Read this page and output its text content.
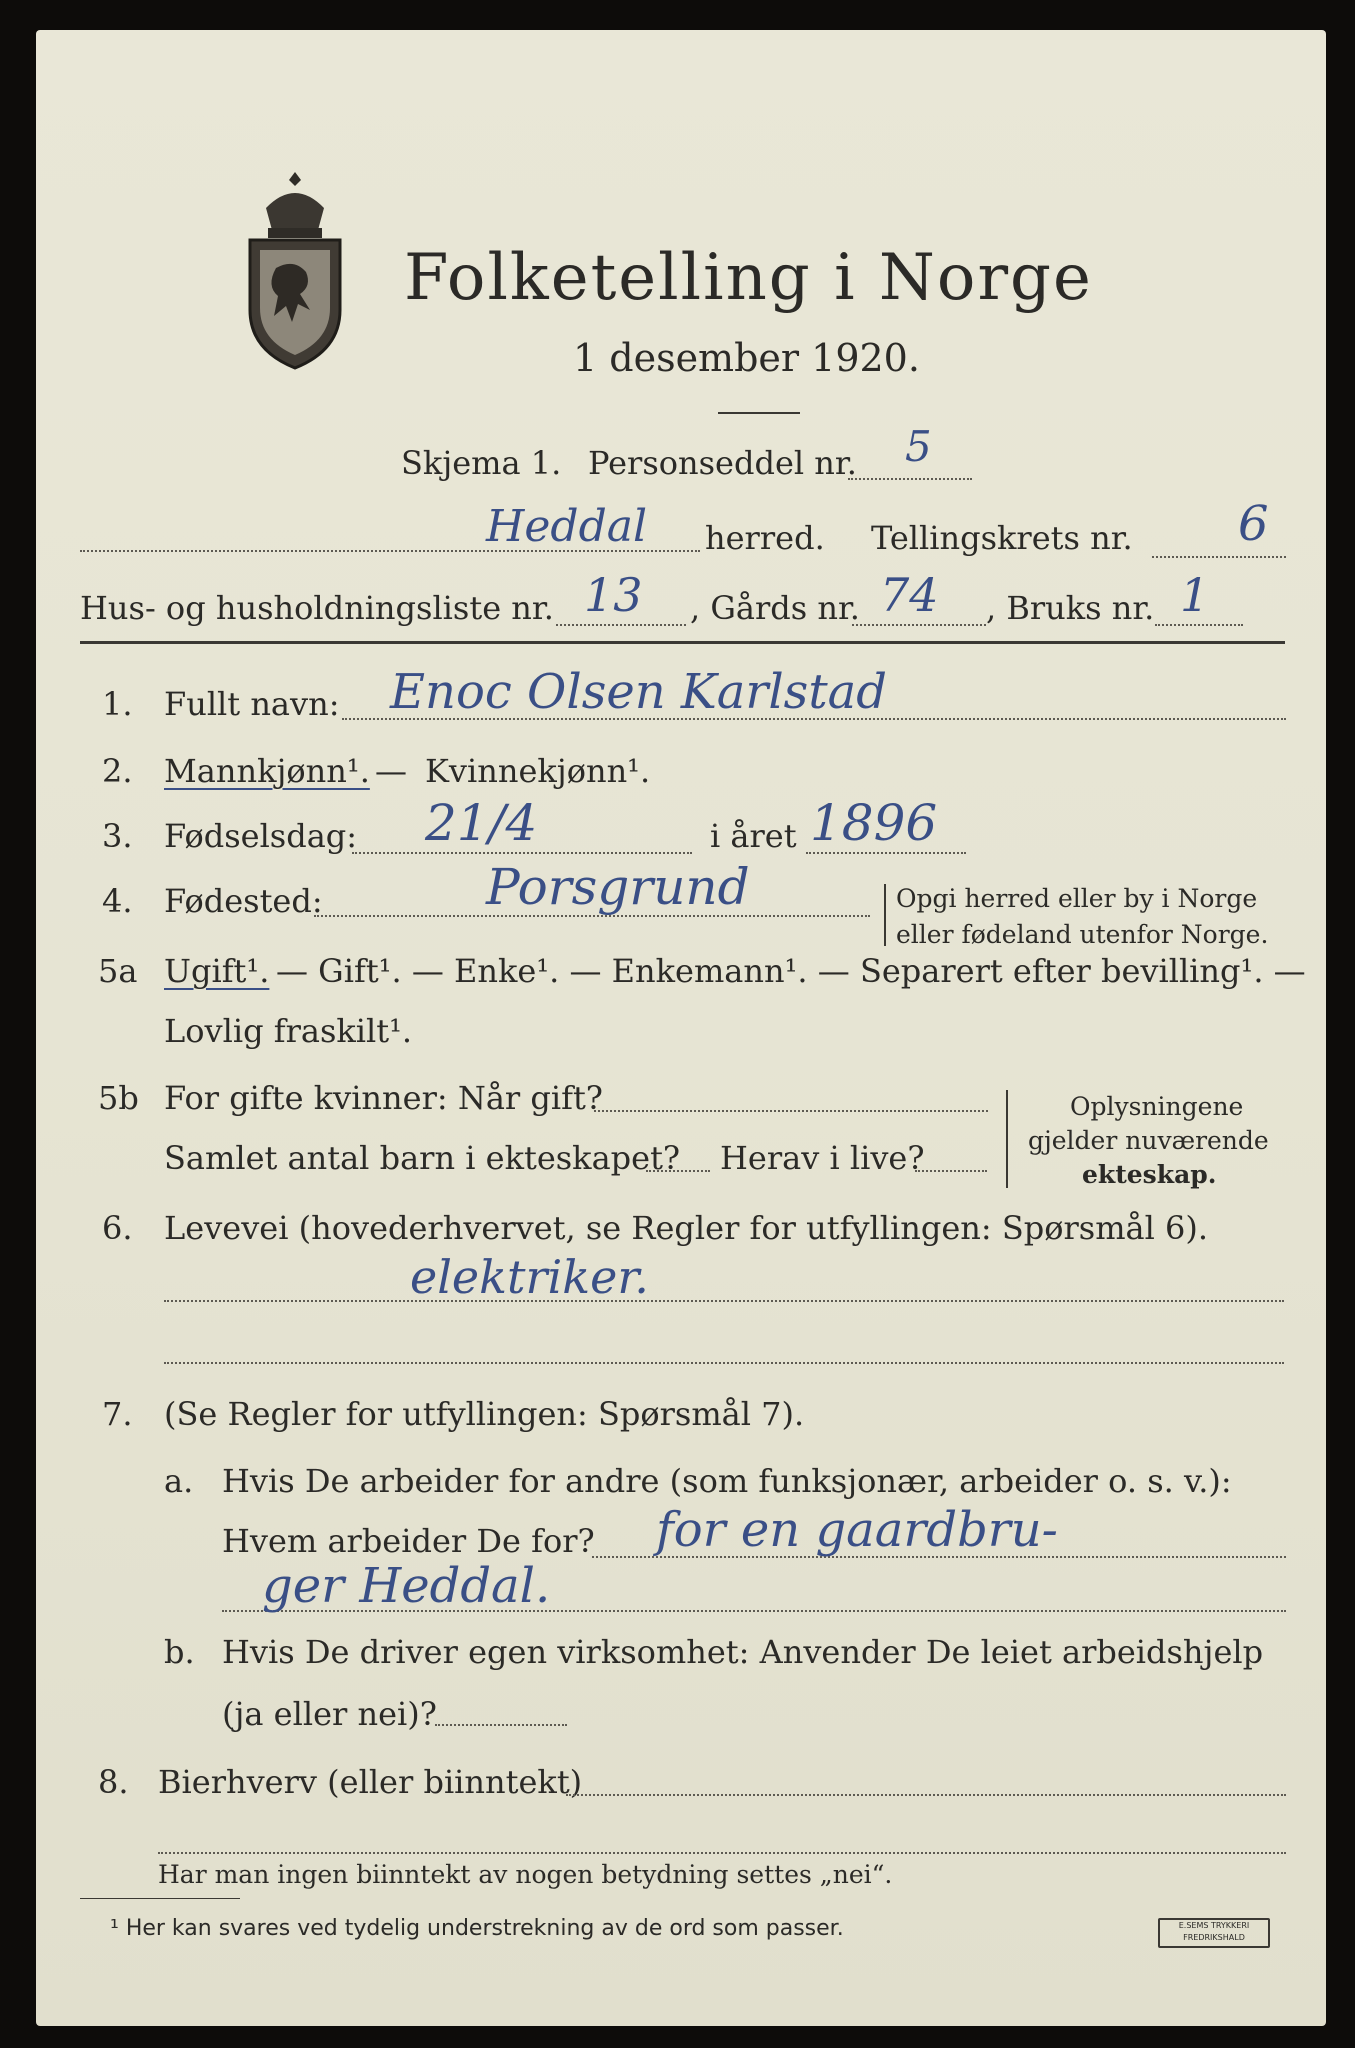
Folketelling i Norge
1 desember 1920.
Skjema 1. Personseddel nr. 5
Heddal herred. Tellingskrets nr. 6
Hus- og husholdningsliste nr. 13 , Gårds nr. 74 , Bruks nr. 1
1. Fullt navn: Enoc Olsen Karlstad
2. Mannkjønn¹. — Kvinnekjønn¹.
3. Fødselsdag: 21/4	i året 1896
4. Fødested:	Porsgrund	Opgi herred eller by i Norge
eller fødeland utenfor Norge.
5a Ugift¹. — Gift¹. — Enke¹. — Enkemann¹. — Separert efter bevilling¹. —
Lovlig fraskilt¹.
5b For gifte kvinner: Når gift?
Samlet antal barn i ekteskapet? Herav i live?
Oplysningene
gjelder nuværende
ekteskap.
6. Levevei (hovederhvervet, se Regler for utfyllingen: Spørsmål 6).
elektriker.
7. (Se Regler for utfyllingen: Spørsmål 7).
a. Hvis De arbeider for andre (som funksjonær, arbeider o. s. v.):
Hvem arbeider De for? for en gaardbru-
ger Heddal.
b. Hvis De driver egen virksomhet: Anvender De leiet arbeidshjelp
(ja eller nei)?
8. Bierhverv (eller biinntekt)
Har man ingen biinntekt av nogen betydning settes „nei“.
¹ Her kan svares ved tydelig understrekning av de ord som passer.	E.SEMS TRYKKERI FREDRIKSHALD
